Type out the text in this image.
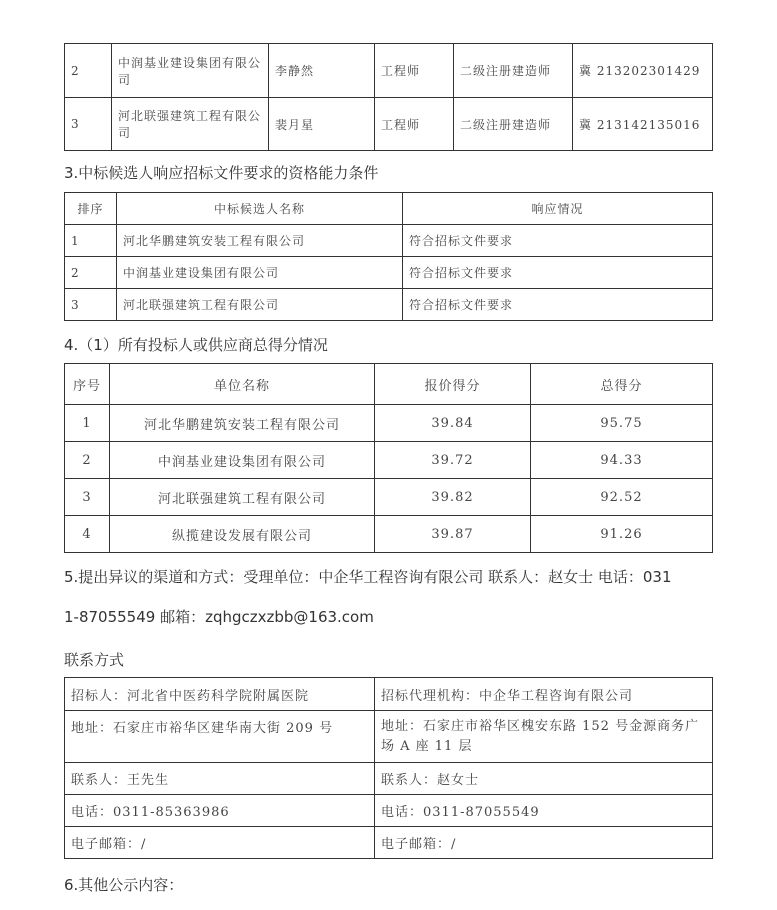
2	中润基业建设集团有限公司	李静然	工程师	二级注册建造师	冀 213202301429
3	河北联强建筑工程有限公司	裴月星	工程师	二级注册建造师	冀 213142135016
3.中标候选人响应招标文件要求的资格能力条件
排序	中标候选人名称	响应情况
1	河北华鹏建筑安装工程有限公司	符合招标文件要求
2	中润基业建设集团有限公司	符合招标文件要求
3	河北联强建筑工程有限公司	符合招标文件要求
4.（1）所有投标人或供应商总得分情况
序号	单位名称	报价得分	总得分
1	河北华鹏建筑安装工程有限公司	39.84	95.75
2	中润基业建设集团有限公司	39.72	94.33
3	河北联强建筑工程有限公司	39.82	92.52
4	纵揽建设发展有限公司	39.87	91.26
5.提出异议的渠道和方式：受理单位：中企华工程咨询有限公司 联系人：赵女士 电话：031
1-87055549 邮箱：zqhgczxzbb@163.com
联系方式
招标人：河北省中医药科学院附属医院	招标代理机构：中企华工程咨询有限公司
地址：石家庄市裕华区建华南大街 209 号	地址：石家庄市裕华区槐安东路 152 号金源商务广场 A 座 11 层
联系人：王先生	联系人：赵女士
电话：0311-85363986	电话：0311-87055549
电子邮箱：/	电子邮箱：/
6.其他公示内容：
